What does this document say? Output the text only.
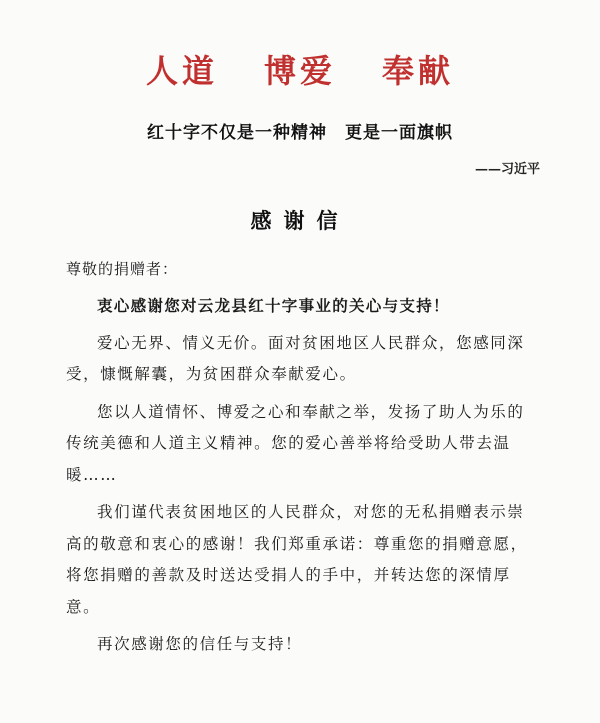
人道 博爱 奉献
红十字不仅是一种精神　更是一面旗帜
——习近平
感谢信
尊敬的捐赠者：

衷心感谢您对云龙县红十字事业的关心与支持！

爱心无界、情义无价。面对贫困地区人民群众，您感同深受，慷慨解囊，为贫困群众奉献爱心。

您以人道情怀、博爱之心和奉献之举，发扬了助人为乐的传统美德和人道主义精神。您的爱心善举将给受助人带去温暖……

我们谨代表贫困地区的人民群众，对您的无私捐赠表示崇高的敬意和衷心的感谢！我们郑重承诺：尊重您的捐赠意愿，将您捐赠的善款及时送达受捐人的手中，并转达您的深情厚意。

再次感谢您的信任与支持！
